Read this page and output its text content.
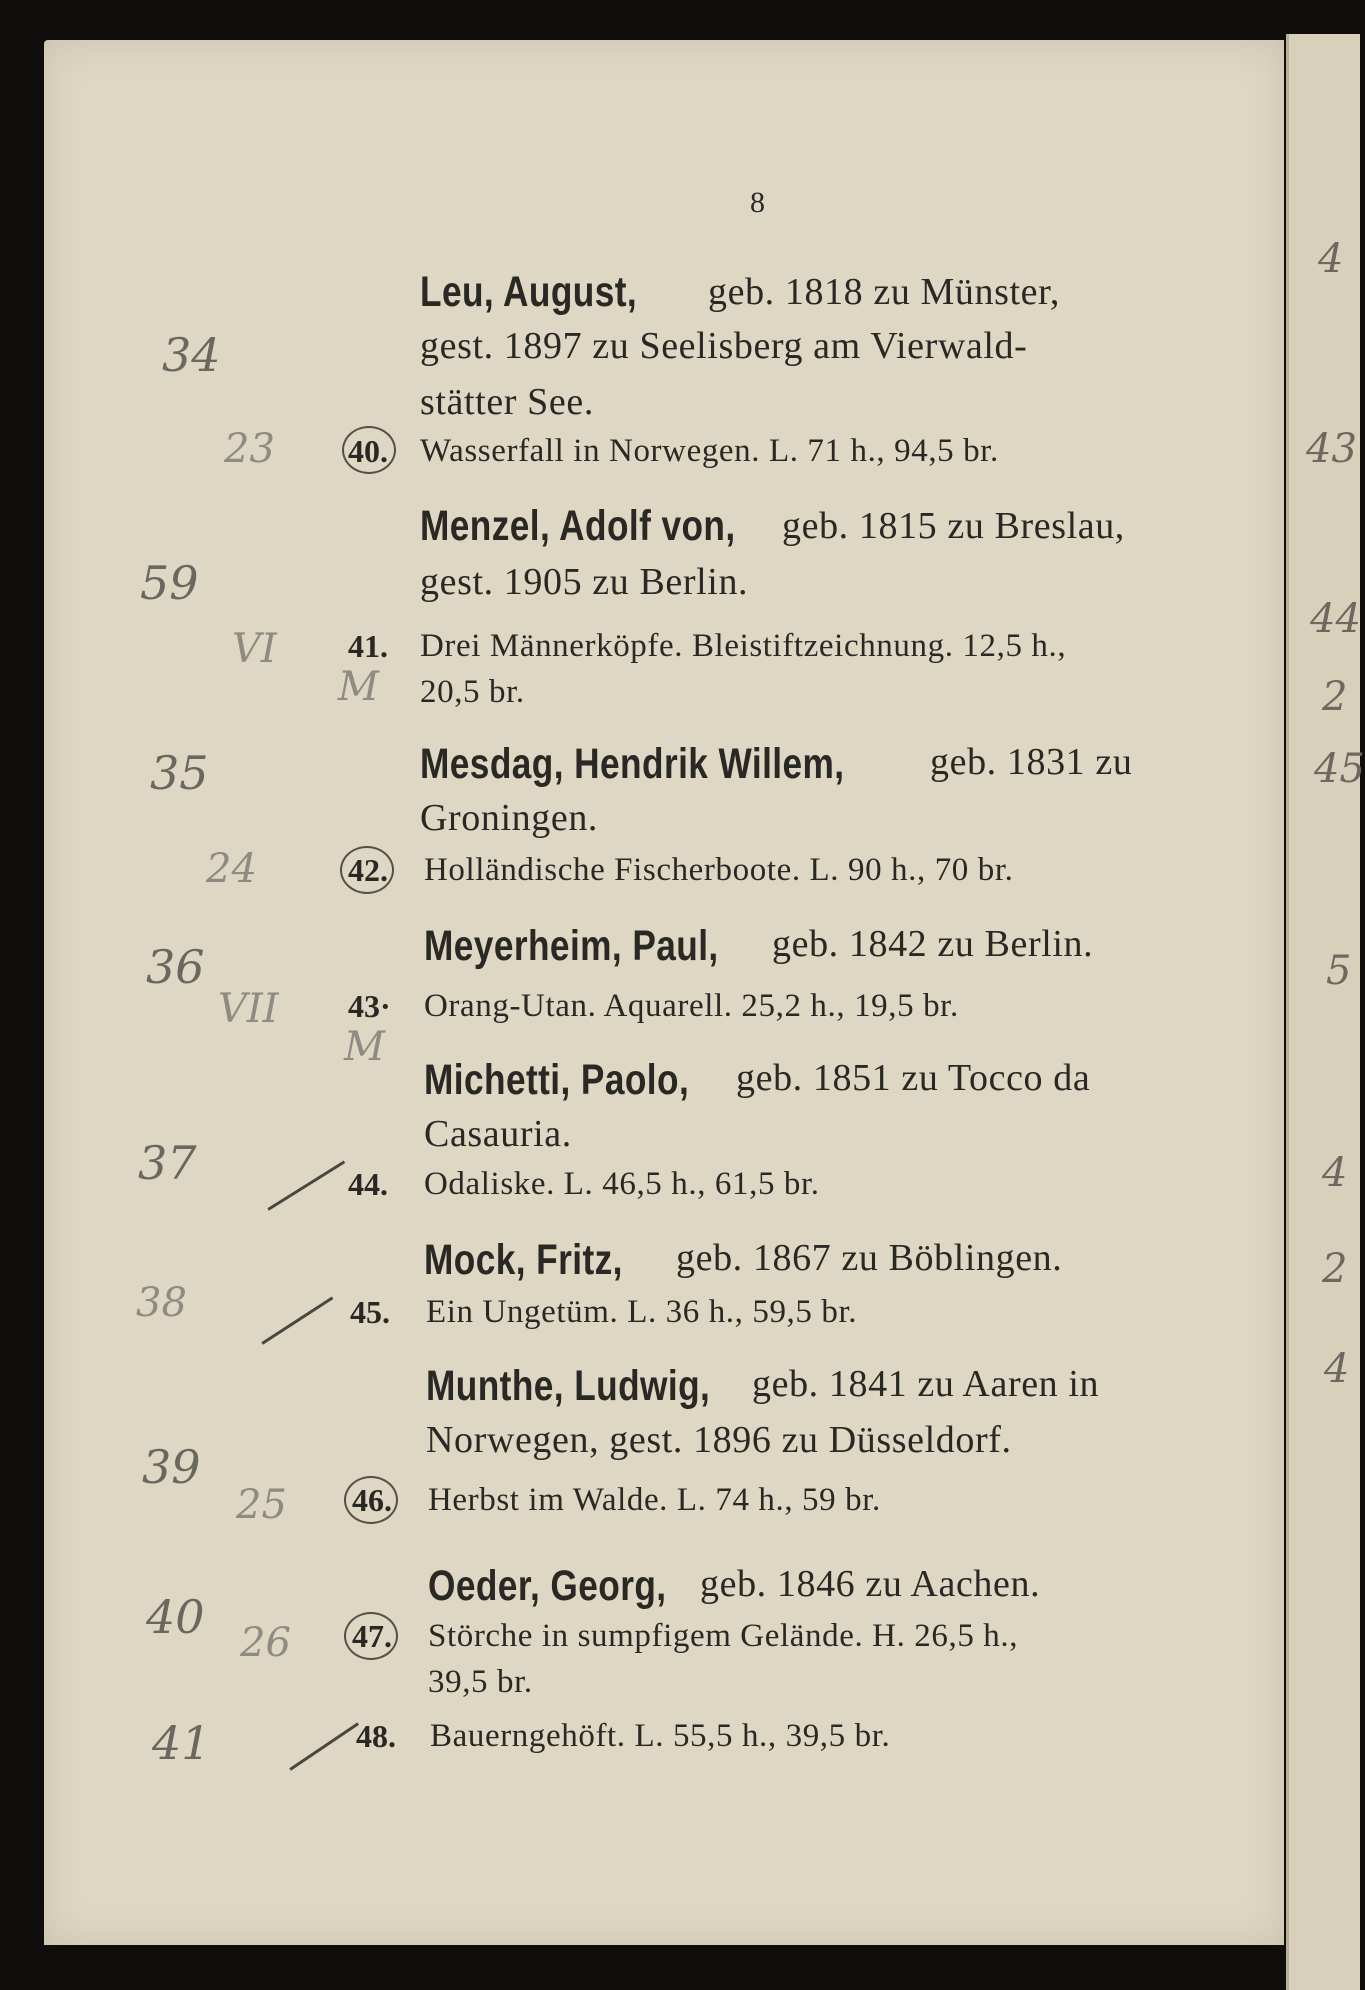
8
Leu, August, geb. 1818 zu Münster,
gest. 1897 zu Seelisberg am Vierwald-
stätter See.
40. Wasserfall in Norwegen. L. 71 h., 94,5 br.
Menzel, Adolf von, geb. 1815 zu Breslau,
gest. 1905 zu Berlin.
41. Drei Männerköpfe. Bleistiftzeichnung. 12,5 h.,
20,5 br.
Mesdag, Hendrik Willem, geb. 1831 zu
Groningen.
42. Holländische Fischerboote. L. 90 h., 70 br.
Meyerheim, Paul, geb. 1842 zu Berlin.
43· Orang-Utan. Aquarell. 25,2 h., 19,5 br.
Michetti, Paolo, geb. 1851 zu Tocco da
Casauria.
44. Odaliske. L. 46,5 h., 61,5 br.
Mock, Fritz, geb. 1867 zu Böblingen.
45. Ein Ungetüm. L. 36 h., 59,5 br.
Munthe, Ludwig, geb. 1841 zu Aaren in
Norwegen, gest. 1896 zu Düsseldorf.
46. Herbst im Walde. L. 74 h., 59 br.
Oeder, Georg, geb. 1846 zu Aachen.
47. Störche in sumpfigem Gelände. H. 26,5 h.,
39,5 br.
48. Bauerngehöft. L. 55,5 h., 39,5 br.
34
59
35
36
37
38
39
40
41
23
VI
M
24
VII
M
25
26
4
43
44
2
45
5
4
2
4
